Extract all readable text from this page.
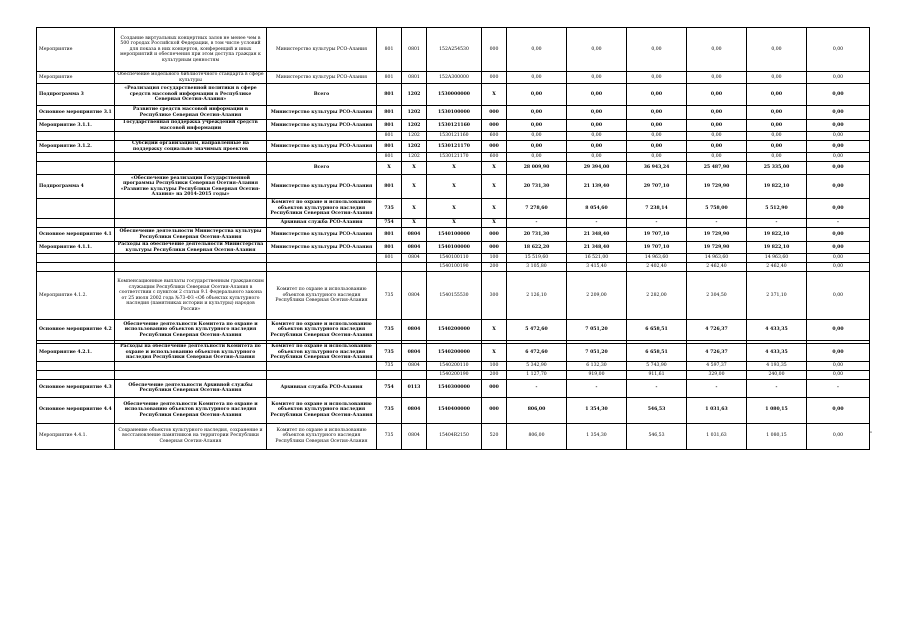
Мероприятие	Создание виртуальных концертных залов не менее чем в 500 городах Российской Федерации, в том числе условий для показа в них концертов, конференций и иных мероприятий и обеспечения при этом доступа граждан к культурным ценностям	Министерство культуры РСО-Алания	801	0801	152А254530	000	0,00	0,00	0,00	0,00	0,00	0,00
Мероприятие	Обеспечение модельного библиотечного стандарта в сфере культуры	Министерство культуры РСО-Алания	801	0801	152А300000	000	0,00	0,00	0,00	0,00	0,00	0,00
Подпрограмма 3	«Реализация государственной политики в сфере средств массовой информации в Республике Северная Осетия-Алания»	Всего	801	1202	1530000000	Х	0,00	0,00	0,00	0,00	0,00	0,00
Основное мероприятие 3.1	Развитие средств массовой информации в Республике Северная Осетия-Алания	Министерство культуры РСО-Алания	801	1202	1530100000	000	0,00	0,00	0,00	0,00	0,00	0,00
Мероприятие 3.1.1.	Государственная поддержка учреждений средств массовой информации	Министерство культуры РСО-Алания	801	1202	1530121160	000	0,00	0,00	0,00	0,00	0,00	0,00
			801	1202	1530121160	600	0,00	0,00	0,00	0,00	0,00	0,00
Мероприятие 3.1.2.	Субсидии организациям, направленные на поддержку социально значимых проектов	Министерство культуры РСО-Алания	801	1202	1530121170	000	0,00	0,00	0,00	0,00	0,00	0,00
			801	1202	1530121170	600	0,00	0,00	0,00	0,00	0,00	0,00
		Всего	Х	Х	Х	Х	28 009,90	29 394,00	36 943,24	25 487,90	25 335,00	0,00
Подпрограмма 4	«Обеспечение реализации Государственной программы Республики Северная Осетия-Алания «Развитие культуры Республики Северная Осетия-Алания» на 2014-2015 годы»	Министерство культуры РСО-Алания	801	Х	Х	Х	20 731,30	21 139,40	29 707,10	19 729,90	19 822,10	0,00
		Комитет по охране и использованию объектов культурного наследия Республики Северная Осетия-Алания	735	Х	Х	Х	7 278,60	8 054,60	7 238,14	5 758,00	5 512,90	0,00
		Архивная служба РСО-Алания	754	Х	Х	Х	-	-	-	-	-	-
Основное мероприятие 4.1	Обеспечение деятельности Министерства культуры Республики Северная Осетия-Алания	Министерство культуры РСО-Алания	801	0804	1540100000	000	20 731,30	21 348,40	19 707,10	19 729,90	19 822,10	0,00
Мероприятие 4.1.1.	Расходы на обеспечение деятельности Министерства культуры Республики Северная Осетия-Алания	Министерство культуры РСО-Алания	801	0804	1540100000	000	18 622,20	21 348,40	19 707,10	19 729,90	19 822,10	0,00
			801	0804	1540100110	100	15 519,60	16 521,00	14 963,60	14 963,60	14 963,60	0,00
					1540100190	200	3 105,80	3 415,40	2 402,40	2 462,40	2 462,40	0,00
Мероприятие 4.1.2.	Компенсационные выплаты государственным гражданским служащим Республики Северная Осетия-Алания в соответствии с пунктом 2 статьи 9.1 Федерального закона от 25 июля 2002 года №73-ФЗ «Об объектах культурного наследия (памятниках истории и культуры) народов России»	Комитет по охране и использованию объектов культурного наследия Республики Северная Осетия-Алания	735	0804	1540155530	300	2 126,10	2 209,00	2 282,00	2 304,50	2 371,10	0,00
Основное мероприятие 4.2	Обеспечение деятельности Комитета по охране и использованию объектов культурного наследия Республики Северная Осетия-Алания	Комитет по охране и использованию объектов культурного наследия Республики Северная Осетия-Алания	735	0804	1540200000	Х	5 472,60	7 051,20	6 658,51	4 726,37	4 433,35	0,00

Мероприятие 4.2.1.	Расходы на обеспечение деятельности Комитета по охране и использованию объектов культурного наследия Республики Северная Осетия-Алания	Комитет по охране и использованию объектов культурного наследия Республики Северная Осетия-Алания	735	0804	1540200000	Х	6 472,60	7 051,20	6 658,51	4 726,37	4 433,35	0,00
			735	0804	1540200110	100	5 342,90	6 132,30	5 743,90	4 597,37	4 193,35	0,00
					1540200190	200	1 127,70	919,00	911,61	329,00	240,00	0,00
Основное мероприятие 4.3	Обеспечение деятельности Архивной службы Республики Северная Осетия-Алания	Архивная служба РСО-Алания	754	0113	1540300000	000	-	-	-	-	-	-
Основное мероприятие 4.4	Обеспечение деятельности Комитета по охране и использованию объектов культурного наследия Республики Северная Осетия-Алания	Комитет по охране и использованию объектов культурного наследия Республики Северная Осетия-Алания	735	0804	1540400000	000	806,00	1 354,30	546,53	1 031,63	1 080,15	0,00
Мероприятие 4.4.1.	Сохранение объектов культурного наследия, сохранение и восстановление памятников на территории Республики Северная Осетия-Алания	Комитет по охране и использованию объектов культурного наследия Республики Северная Осетия-Алания	735	0804	15404R2150	520	806,00	1 354,30	546,53	1 031,63	1 080,15	0,00	"
